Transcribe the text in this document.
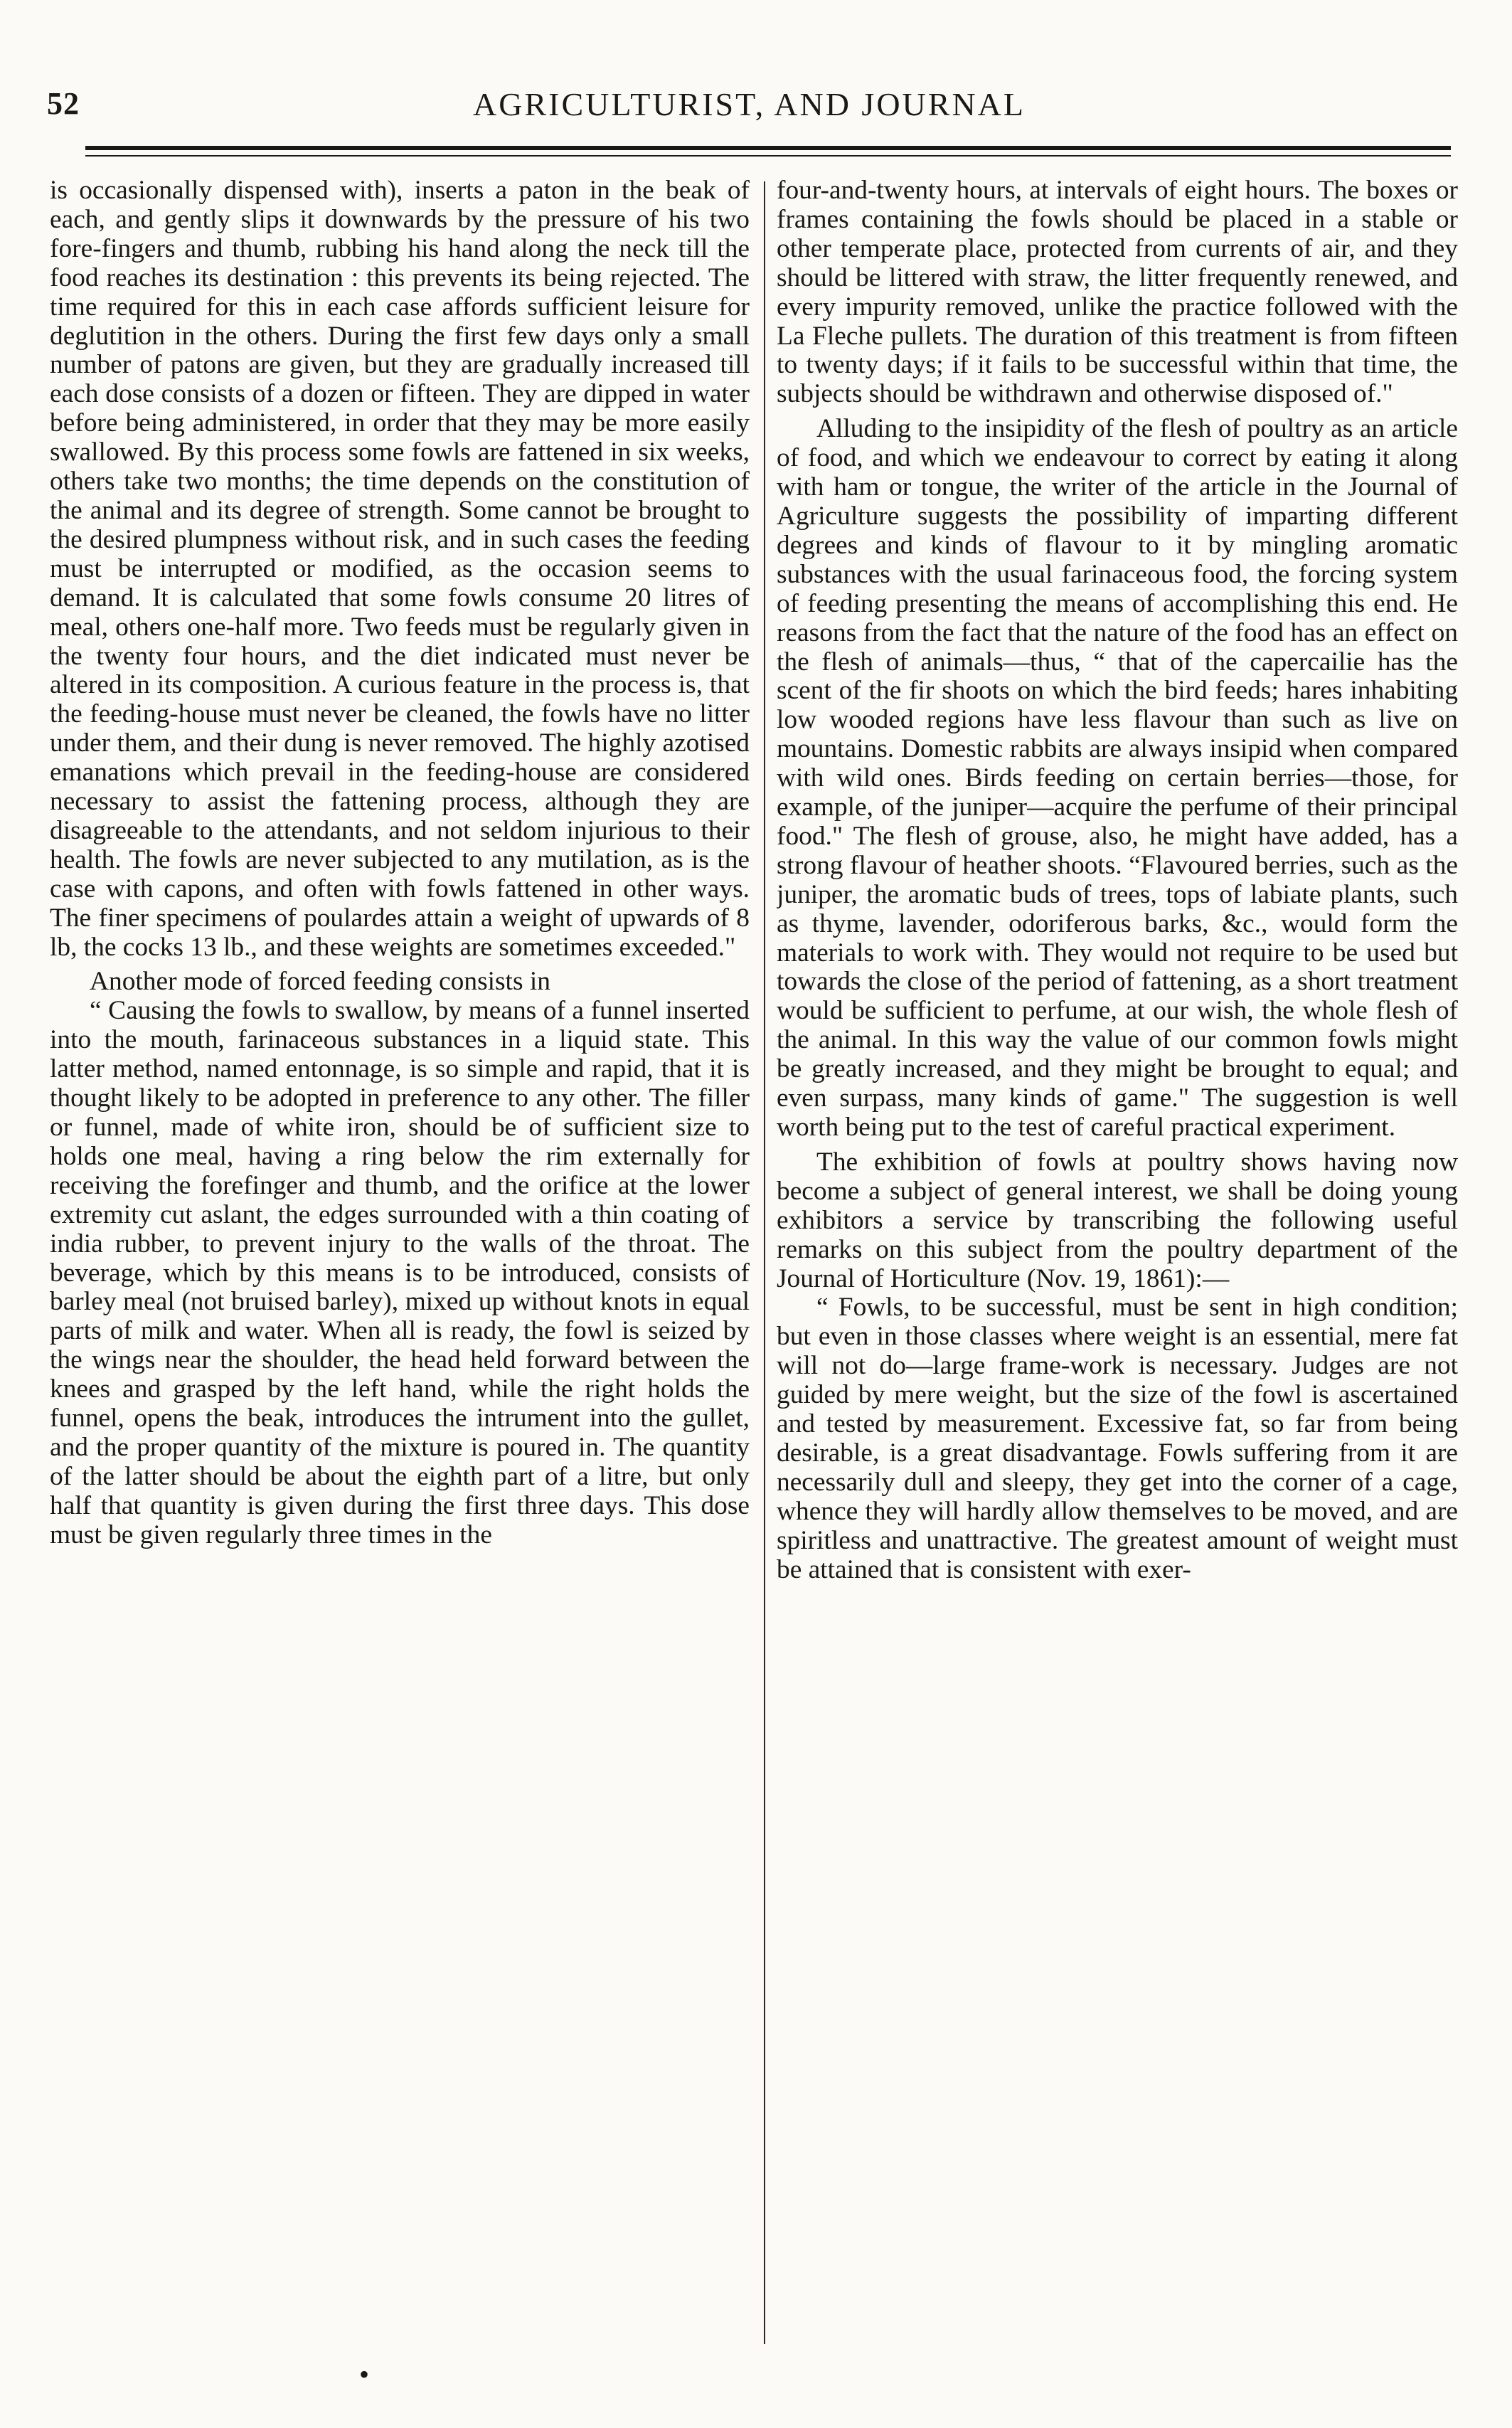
52	AGRICULTURIST, AND JOURNAL

is occasionally dispensed with), inserts a paton in the beak of each, and gently slips it downwards by the pressure of his two fore-fingers and thumb, rubbing his hand along the neck till the food reaches its destination : this prevents its being rejected. The time required for this in each case affords sufficient leisure for deglutition in the others. During the first few days only a small number of patons are given, but they are gradually increased till each dose consists of a dozen or fifteen. They are dipped in water before being administered, in order that they may be more easily swallowed. By this process some fowls are fattened in six weeks, others take two months; the time depends on the constitution of the animal and its degree of strength. Some cannot be brought to the desired plumpness without risk, and in such cases the feeding must be interrupted or modified, as the occasion seems to demand. It is calculated that some fowls consume 20 litres of meal, others one-half more. Two feeds must be regularly given in the twenty four hours, and the diet indicated must never be altered in its composition. A curious feature in the process is, that the feeding-house must never be cleaned, the fowls have no litter under them, and their dung is never removed. The highly azotised emanations which prevail in the feeding-house are considered necessary to assist the fattening process, although they are disagreeable to the attendants, and not seldom injurious to their health. The fowls are never subjected to any mutilation, as is the case with capons, and often with fowls fattened in other ways. The finer specimens of poulardes attain a weight of upwards of 8 lb, the cocks 13 lb., and these weights are sometimes exceeded."

Another mode of forced feeding consists in

“ Causing the fowls to swallow, by means of a funnel inserted into the mouth, farinaceous substances in a liquid state. This latter method, named entonnage, is so simple and rapid, that it is thought likely to be adopted in preference to any other. The filler or funnel, made of white iron, should be of sufficient size to holds one meal, having a ring below the rim externally for receiving the forefinger and thumb, and the orifice at the lower extremity cut aslant, the edges surrounded with a thin coating of india rubber, to prevent injury to the walls of the throat. The beverage, which by this means is to be introduced, consists of barley meal (not bruised barley), mixed up without knots in equal parts of milk and water. When all is ready, the fowl is seized by the wings near the shoulder, the head held forward between the knees and grasped by the left hand, while the right holds the funnel, opens the beak, introduces the intrument into the gullet, and the proper quantity of the mixture is poured in. The quantity of the latter should be about the eighth part of a litre, but only half that quantity is given during the first three days. This dose must be given regularly three times in the

four-and-twenty hours, at intervals of eight hours. The boxes or frames containing the fowls should be placed in a stable or other temperate place, protected from currents of air, and they should be littered with straw, the litter frequently renewed, and every impurity removed, unlike the practice followed with the La Fleche pullets. The duration of this treatment is from fifteen to twenty days; if it fails to be successful within that time, the subjects should be withdrawn and otherwise disposed of."

Alluding to the insipidity of the flesh of poultry as an article of food, and which we endeavour to correct by eating it along with ham or tongue, the writer of the article in the Journal of Agriculture suggests the possibility of imparting different degrees and kinds of flavour to it by mingling aromatic substances with the usual farinaceous food, the forcing system of feeding presenting the means of accomplishing this end. He reasons from the fact that the nature of the food has an effect on the flesh of animals—thus, “ that of the capercailie has the scent of the fir shoots on which the bird feeds; hares inhabiting low wooded regions have less flavour than such as live on mountains. Domestic rabbits are always insipid when compared with wild ones. Birds feeding on certain berries—those, for example, of the juniper—acquire the perfume of their principal food." The flesh of grouse, also, he might have added, has a strong flavour of heather shoots. “Flavoured berries, such as the juniper, the aromatic buds of trees, tops of labiate plants, such as thyme, lavender, odoriferous barks, &c., would form the materials to work with. They would not require to be used but towards the close of the period of fattening, as a short treatment would be sufficient to perfume, at our wish, the whole flesh of the animal. In this way the value of our common fowls might be greatly increased, and they might be brought to equal; and even surpass, many kinds of game." The suggestion is well worth being put to the test of careful practical experiment.

The exhibition of fowls at poultry shows having now become a subject of general interest, we shall be doing young exhibitors a service by transcribing the following useful remarks on this subject from the poultry department of the Journal of Horticulture (Nov. 19, 1861):—

“ Fowls, to be successful, must be sent in high condition; but even in those classes where weight is an essential, mere fat will not do—large frame-work is necessary. Judges are not guided by mere weight, but the size of the fowl is ascertained and tested by measurement. Excessive fat, so far from being desirable, is a great disadvantage. Fowls suffering from it are necessarily dull and sleepy, they get into the corner of a cage, whence they will hardly allow themselves to be moved, and are spiritless and unattractive. The greatest amount of weight must be attained that is consistent with exer-

•
